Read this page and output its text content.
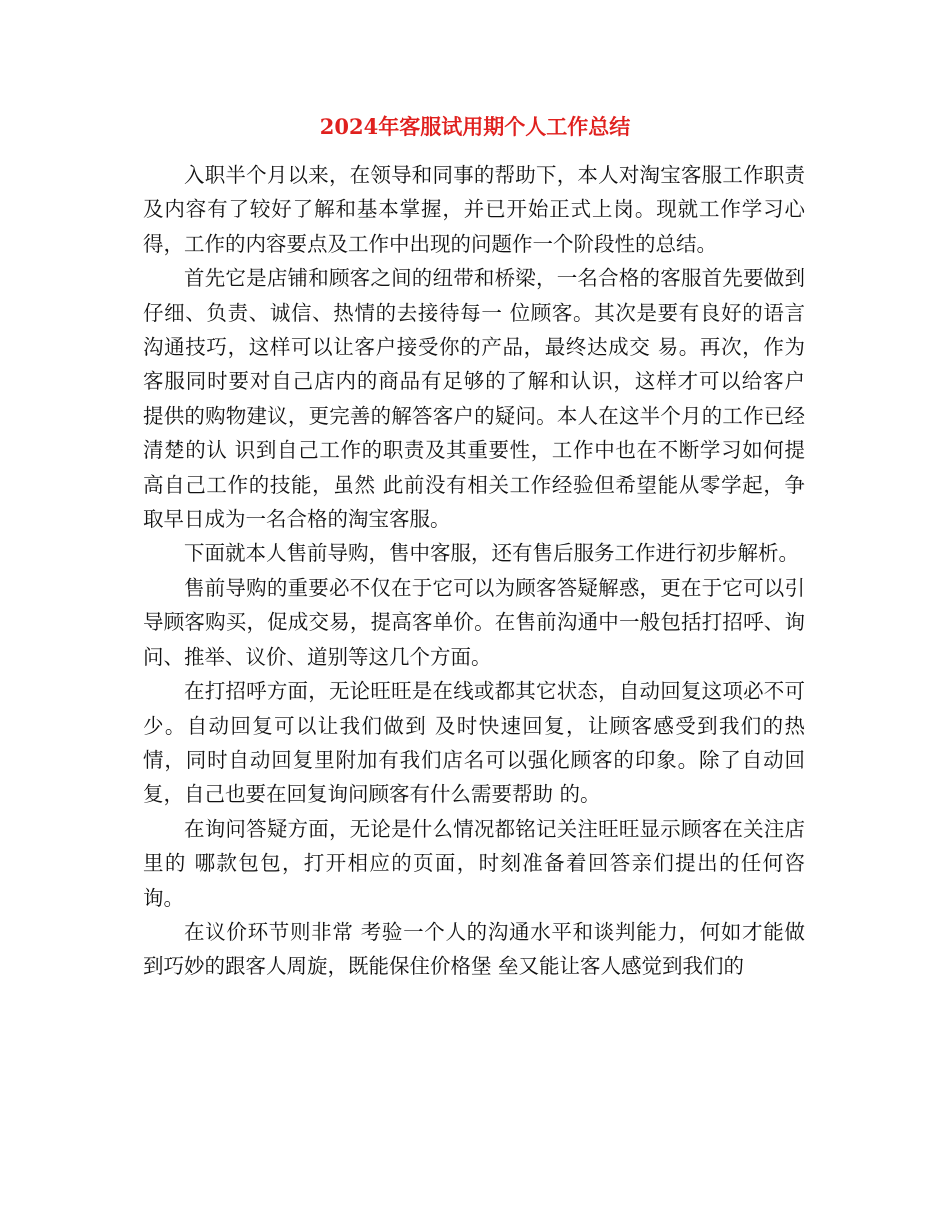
2024年客服试用期个人工作总结

入职半个月以来，在领导和同事的帮助下，本人对淘宝客服工作职责及内容有了较好了解和基本掌握，并已开始正式上岗。现就工作学习心得，工作的内容要点及工作中出现的问题作一个阶段性的总结。

首先它是店铺和顾客之间的纽带和桥梁，一名合格的客服首先要做到仔细、负责、诚信、热情的去接待每一 位顾客。其次是要有良好的语言沟通技巧，这样可以让客户接受你的产品，最终达成交 易。再次，作为客服同时要对自己店内的商品有足够的了解和认识，这样才可以给客户 提供的购物建议，更完善的解答客户的疑问。本人在这半个月的工作已经清楚的认 识到自己工作的职责及其重要性，工作中也在不断学习如何提高自己工作的技能，虽然 此前没有相关工作经验但希望能从零学起，争取早日成为一名合格的淘宝客服。

下面就本人售前导购，售中客服，还有售后服务工作进行初步解析。

售前导购的重要必不仅在于它可以为顾客答疑解惑，更在于它可以引导顾客购买，促成交易，提高客单价。在售前沟通中一般包括打招呼、询问、推举、议价、道别等这几个方面。

在打招呼方面，无论旺旺是在线或都其它状态，自动回复这项必不可少。自动回复可以让我们做到 及时快速回复，让顾客感受到我们的热情，同时自动回复里附加有我们店名可以强化顾客的印象。除了自动回复，自己也要在回复询问顾客有什么需要帮助 的。

在询问答疑方面，无论是什么情况都铭记关注旺旺显示顾客在关注店里的 哪款包包，打开相应的页面，时刻准备着回答亲们提出的任何咨询。

在议价环节则非常 考验一个人的沟通水平和谈判能力，何如才能做到巧妙的跟客人周旋，既能保住价格堡 垒又能让客人感觉到我们的
